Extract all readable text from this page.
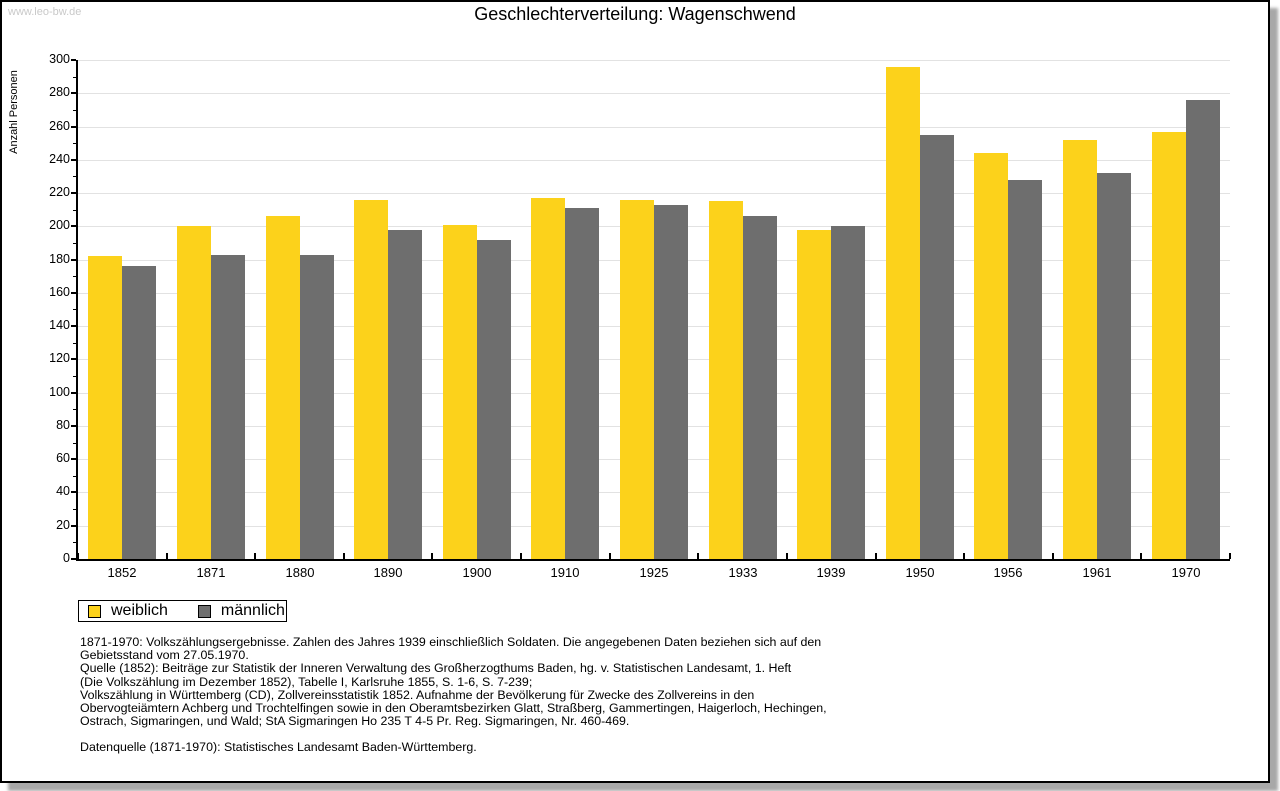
www.leo-bw.de	Geschlechterverteilung: Wagenschwend
Anzahl Personen
1852	1871	1880	1890	1900	1910	1925	1933	1939	1950	1956	1961	1970
0
20
40
60
80
100
120
140
160
180
200
220
240
260
280
300
weiblich	männlich
1871-1970: Volkszählungsergebnisse. Zahlen des Jahres 1939 einschließlich Soldaten. Die angegebenen Daten beziehen sich auf den
Gebietsstand vom 27.05.1970.
Quelle (1852): Beiträge zur Statistik der Inneren Verwaltung des Großherzogthums Baden, hg. v. Statistischen Landesamt, 1. Heft
(Die Volkszählung im Dezember 1852), Tabelle I, Karlsruhe 1855, S. 1-6, S. 7-239;
Volkszählung in Württemberg (CD), Zollvereinsstatistik 1852. Aufnahme der Bevölkerung für Zwecke des Zollvereins in den
Obervogteiämtern Achberg und Trochtelfingen sowie in den Oberamtsbezirken Glatt, Straßberg, Gammertingen, Haigerloch, Hechingen,
Ostrach, Sigmaringen, und Wald; StA Sigmaringen Ho 235 T 4-5 Pr. Reg. Sigmaringen, Nr. 460-469.
Datenquelle (1871-1970): Statistisches Landesamt Baden-Württemberg.
